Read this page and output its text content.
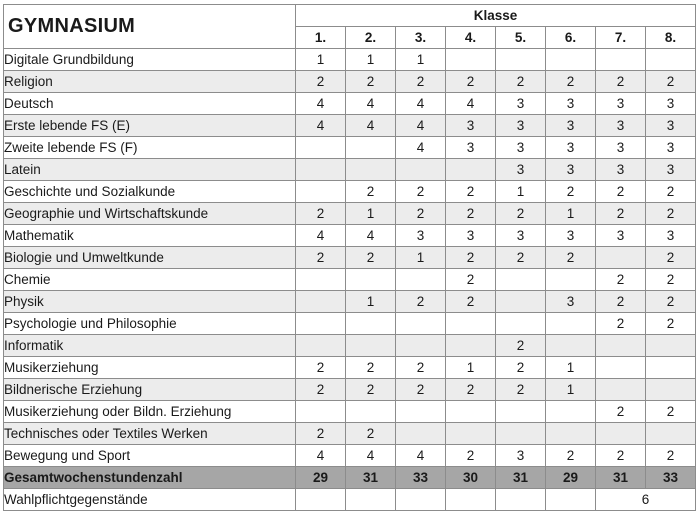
GYMNASIUM	Klasse							
	1.	2.	3.	4.	5.	6.	7.	8.
Digitale Grundbildung	1	1	1					
Religion	2	2	2	2	2	2	2	2
Deutsch	4	4	4	4	3	3	3	3
Erste lebende FS (E)	4	4	4	3	3	3	3	3
Zweite lebende FS (F)			4	3	3	3	3	3
Latein					3	3	3	3
Geschichte und Sozialkunde		2	2	2	1	2	2	2
Geographie und Wirtschaftskunde	2	1	2	2	2	1	2	2
Mathematik	4	4	3	3	3	3	3	3
Biologie und Umweltkunde	2	2	1	2	2	2		2
Chemie				2			2	2
Physik		1	2	2		3	2	2
Psychologie und Philosophie							2	2
Informatik					2			
Musikerziehung	2	2	2	1	2	1		
Bildnerische Erziehung	2	2	2	2	2	1		
Musikerziehung oder Bildn. Erziehung							2	2
Technisches oder Textiles Werken	2	2						
Bewegung und Sport	4	4	4	2	3	2	2	2
Gesamtwochenstundenzahl	29	31	33	30	31	29	31	33
Wahlpflichtgegenstände							6	
